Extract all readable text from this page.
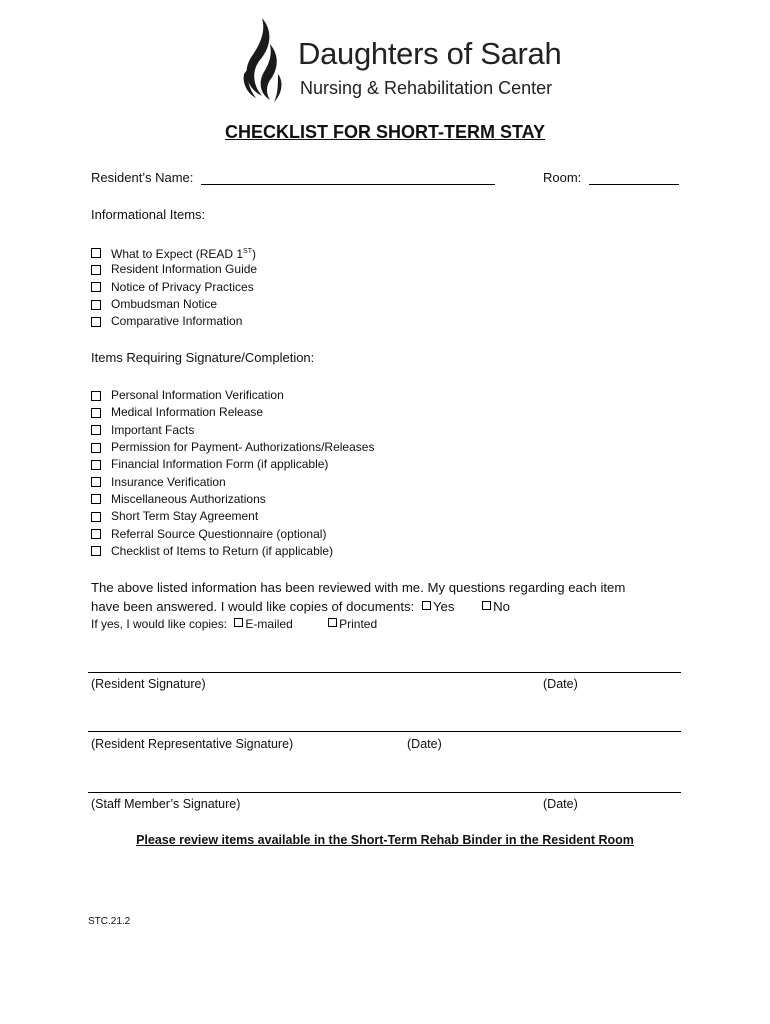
Daughters of Sarah
Nursing & Rehabilitation Center
CHECKLIST FOR SHORT-TERM STAY
Resident’s Name:	Room:
Informational Items:
What to Expect (READ 1ST)
Resident Information Guide
Notice of Privacy Practices
Ombudsman Notice
Comparative Information
Items Requiring Signature/Completion:
Personal Information Verification
Medical Information Release
Important Facts
Permission for Payment- Authorizations/Releases
Financial Information Form (if applicable)
Insurance Verification
Miscellaneous Authorizations
Short Term Stay Agreement
Referral Source Questionnaire (optional)
Checklist of Items to Return (if applicable)
The above listed information has been reviewed with me. My questions regarding each item
have been answered. I would like copies of documents: Yes	No
If yes, I would like copies: E-mailed	Printed
(Resident Signature)	(Date)
(Resident Representative Signature)	(Date)
(Staff Member’s Signature)	(Date)
Please review items available in the Short-Term Rehab Binder in the Resident Room
STC.21.2
